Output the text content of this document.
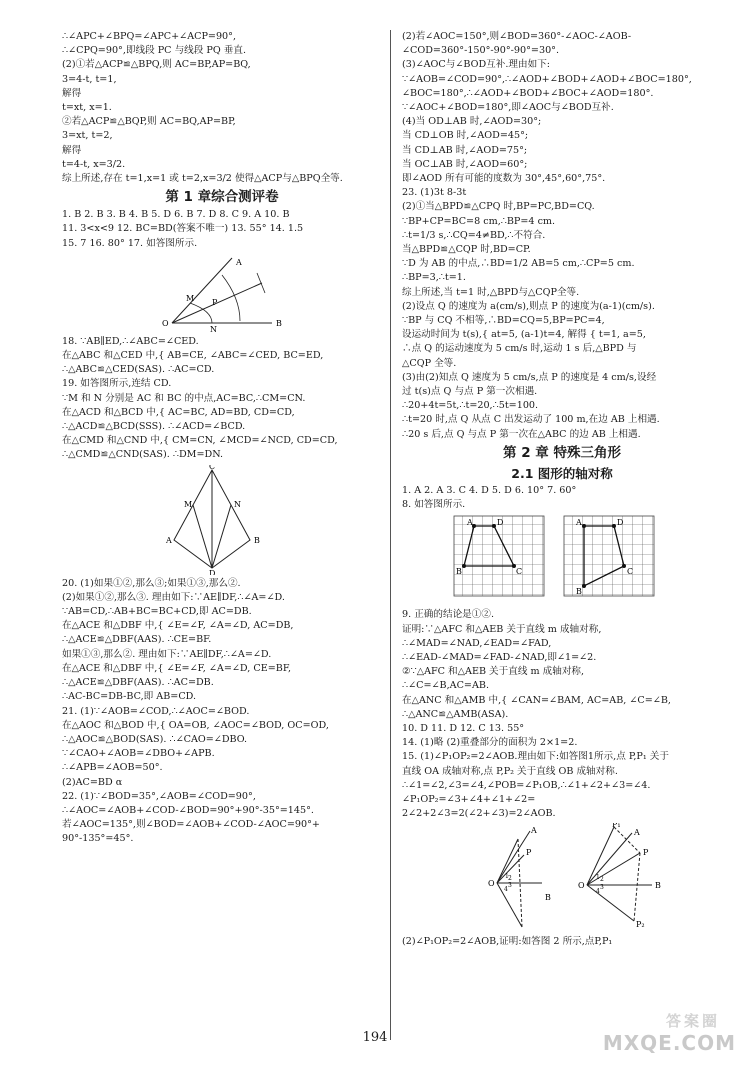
∴∠APC+∠BPQ=∠APC+∠ACP=90°,
∴∠CPQ=90°,即线段 PC 与线段 PQ 垂直.
(2)①若△ACP≌△BPQ,则 AC=BP,AP=BQ,
3=4-t, t=1,
解得
t=xt, x=1.
②若△ACP≌△BQP,则 AC=BQ,AP=BP,
3=xt, t=2,
解得
t=4-t, x=3/2.
综上所述,存在 t=1,x=1 或 t=2,x=3/2 使得△ACP与△BPQ全等.
第 1 章综合测评卷
1. B 2. B 3. B 4. B 5. D 6. B 7. D 8. C 9. A 10. B
11. 3<x<9 12. BC=BD(答案不唯一) 13. 55° 14. 1.5
15. 7 16. 80° 17. 如答图所示.
A
M P
O
N
B
18. ∵AB∥ED,∴∠ABC=∠CED.
在△ABC 和△CED 中,{ AB=CE, ∠ABC=∠CED, BC=ED,
∴△ABC≌△CED(SAS). ∴AC=CD.
19. 如答图所示,连结 CD.
∵M 和 N 分别是 AC 和 BC 的中点,AC=BC,∴CM=CN.
在△ACD 和△BCD 中,{ AC=BC, AD=BD, CD=CD,
∴△ACD≌△BCD(SSS). ∴∠ACD=∠BCD.
在△CMD 和△CND 中,{ CM=CN, ∠MCD=∠NCD, CD=CD,
∴△CMD≌△CND(SAS). ∴DM=DN.
C
M	N
A	B
D
20. (1)如果①②,那么③;如果①③,那么②.
(2)如果①②,那么③. 理由如下:∵AE∥DF,∴∠A=∠D.
∵AB=CD,∴AB+BC=BC+CD,即 AC=DB.
在△ACE 和△DBF 中,{ ∠E=∠F, ∠A=∠D, AC=DB,
∴△ACE≌△DBF(AAS). ∴CE=BF.
如果①③,那么②. 理由如下:∵AE∥DF,∴∠A=∠D.
在△ACE 和△DBF 中,{ ∠E=∠F, ∠A=∠D, CE=BF,
∴△ACE≌△DBF(AAS). ∴AC=DB.
∴AC-BC=DB-BC,即 AB=CD.
21. (1)∵∠AOB=∠COD,∴∠AOC=∠BOD.
在△AOC 和△BOD 中,{ OA=OB, ∠AOC=∠BOD, OC=OD,
∴△AOC≌△BOD(SAS). ∴∠CAO=∠DBO.
∵∠CAO+∠AOB=∠DBO+∠APB.
∴∠APB=∠AOB=50°.
(2)AC=BD α
22. (1)∵∠BOD=35°,∠AOB=∠COD=90°,
∴∠AOC=∠AOB+∠COD-∠BOD=90°+90°-35°=145°.
若∠AOC=135°,则∠BOD=∠AOB+∠COD-∠AOC=90°+
90°-135°=45°.
(2)若∠AOC=150°,则∠BOD=360°-∠AOC-∠AOB-
∠COD=360°-150°-90°-90°=30°.
(3)∠AOC与∠BOD互补.理由如下:
∵∠AOB=∠COD=90°,∴∠AOD+∠BOD+∠AOD+∠BOC=180°,
∠BOC=180°,∴∠AOD+∠BOD+∠BOC+∠AOD=180°.
∵∠AOC+∠BOD=180°,即∠AOC与∠BOD互补.
(4)当 OD⊥AB 时,∠AOD=30°;
当 CD⊥OB 时,∠AOD=45°;
当 CD⊥AB 时,∠AOD=75°;
当 OC⊥AB 时,∠AOD=60°;
即∠AOD 所有可能的度数为 30°,45°,60°,75°.
23. (1)3t 8-3t
(2)①当△BPD≌△CPQ 时,BP=PC,BD=CQ.
∵BP+CP=BC=8 cm,∴BP=4 cm.
∴t=1/3 s,∴CQ=4≠BD,∴不符合.
当△BPD≌△CQP 时,BD=CP.
∵D 为 AB 的中点,∴BD=1/2 AB=5 cm,∴CP=5 cm.
∴BP=3,∴t=1.
综上所述,当 t=1 时,△BPD与△CQP全等.
(2)设点 Q 的速度为 a(cm/s),则点 P 的速度为(a-1)(cm/s).
∵BP 与 CQ 不相等,∴BD=CQ=5,BP=PC=4,
设运动时间为 t(s),{ at=5, (a-1)t=4, 解得 { t=1, a=5,
∴点 Q 的运动速度为 5 cm/s 时,运动 1 s 后,△BPD 与
△CQP 全等.
(3)由(2)知点 Q 速度为 5 cm/s,点 P 的速度是 4 cm/s,设经
过 t(s)点 Q 与点 P 第一次相遇.
∴20+4t=5t,∴t=20,∴5t=100.
∴t=20 时,点 Q 从点 C 出发运动了 100 m,在边 AB 上相遇.
∴20 s 后,点 Q 与点 P 第一次在△ABC 的边 AB 上相遇.
第 2 章 特殊三角形
2.1 图形的轴对称
1. A 2. A 3. C 4. D 5. D 6. 10° 7. 60°
8. 如答图所示.
A	D
B	C
A	D
B
C
9. 正确的结论是①②.
证明:∵△AFC 和△AEB 关于直线 m 成轴对称,
∴∠MAD=∠NAD,∠EAD=∠FAD,
∴∠EAD-∠MAD=∠FAD-∠NAD,即∠1=∠2.
②∵△AFC 和△AEB 关于直线 m 成轴对称,
∴∠C=∠B,AC=AB.
在△ANC 和△AMB 中,{ ∠CAN=∠BAM, AC=AB, ∠C=∠B,
∴△ANC≌△AMB(ASA).
10. D 11. D 12. C 13. 55°
14. (1)略 (2)重叠部分的面积为 2×1=2.
15. (1)∠P₁OP₂=2∠AOB.理由如下:如答图1所示,点 P,P₁ 关于
直线 OA 成轴对称,点 P,P₂ 关于直线 OB 成轴对称.
∴∠1=∠2,∠3=∠4,∠POB=∠P₁OB,∴∠1+∠2+∠3=∠4.
∠P₁OP₂=∠3+∠4+∠1+∠2=
2∠2+2∠3=2(∠2+∠3)=2∠AOB.
A
P
O
B
1 2
3
4
P₁
A
P
O	B
P₂
1 2
3
4
(2)∠P₁OP₂=2∠AOB,证明:如答图 2 所示,点P,P₁
194
答案圈
MXQE.COM
